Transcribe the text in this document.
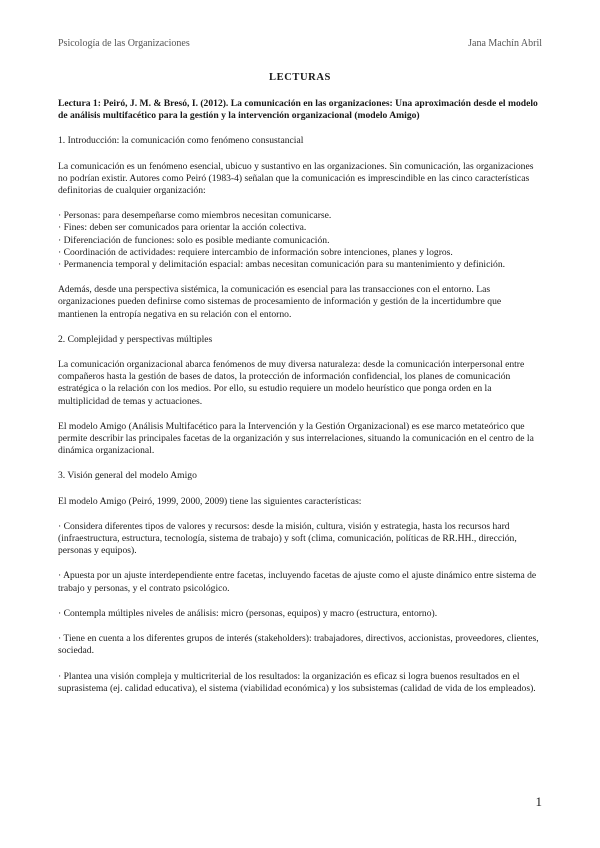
Psicología de las Organizaciones	Jana Machín Abril
LECTURAS

Lectura 1: Peiró, J. M. & Bresó, I. (2012). La comunicación en las organizaciones: Una aproximación desde el modelo de análisis multifacético para la gestión y la intervención organizacional (modelo Amigo)

1. Introducción: la comunicación como fenómeno consustancial

La comunicación es un fenómeno esencial, ubicuo y sustantivo en las organizaciones. Sin comunicación, las organizaciones no podrían existir. Autores como Peiró (1983-4) señalan que la comunicación es imprescindible en las cinco características definitorias de cualquier organización:

· Personas: para desempeñarse como miembros necesitan comunicarse.

· Fines: deben ser comunicados para orientar la acción colectiva.

· Diferenciación de funciones: solo es posible mediante comunicación.

· Coordinación de actividades: requiere intercambio de información sobre intenciones, planes y logros.

· Permanencia temporal y delimitación espacial: ambas necesitan comunicación para su mantenimiento y definición.

Además, desde una perspectiva sistémica, la comunicación es esencial para las transacciones con el entorno. Las organizaciones pueden definirse como sistemas de procesamiento de información y gestión de la incertidumbre que mantienen la entropía negativa en su relación con el entorno.

2. Complejidad y perspectivas múltiples

La comunicación organizacional abarca fenómenos de muy diversa naturaleza: desde la comunicación interpersonal entre compañeros hasta la gestión de bases de datos, la protección de información confidencial, los planes de comunicación estratégica o la relación con los medios. Por ello, su estudio requiere un modelo heurístico que ponga orden en la multiplicidad de temas y actuaciones.

El modelo Amigo (Análisis Multifacético para la Intervención y la Gestión Organizacional) es ese marco metateórico que permite describir las principales facetas de la organización y sus interrelaciones, situando la comunicación en el centro de la dinámica organizacional.

3. Visión general del modelo Amigo

El modelo Amigo (Peiró, 1999, 2000, 2009) tiene las siguientes características:

· Considera diferentes tipos de valores y recursos: desde la misión, cultura, visión y estrategia, hasta los recursos hard (infraestructura, estructura, tecnología, sistema de trabajo) y soft (clima, comunicación, políticas de RR.HH., dirección, personas y equipos).

· Apuesta por un ajuste interdependiente entre facetas, incluyendo facetas de ajuste como el ajuste dinámico entre sistema de trabajo y personas, y el contrato psicológico.

· Contempla múltiples niveles de análisis: micro (personas, equipos) y macro (estructura, entorno).

· Tiene en cuenta a los diferentes grupos de interés (stakeholders): trabajadores, directivos, accionistas, proveedores, clientes, sociedad.

· Plantea una visión compleja y multicriterial de los resultados: la organización es eficaz si logra buenos resultados en el suprasistema (ej. calidad educativa), el sistema (viabilidad económica) y los subsistemas (calidad de vida de los empleados).

1
